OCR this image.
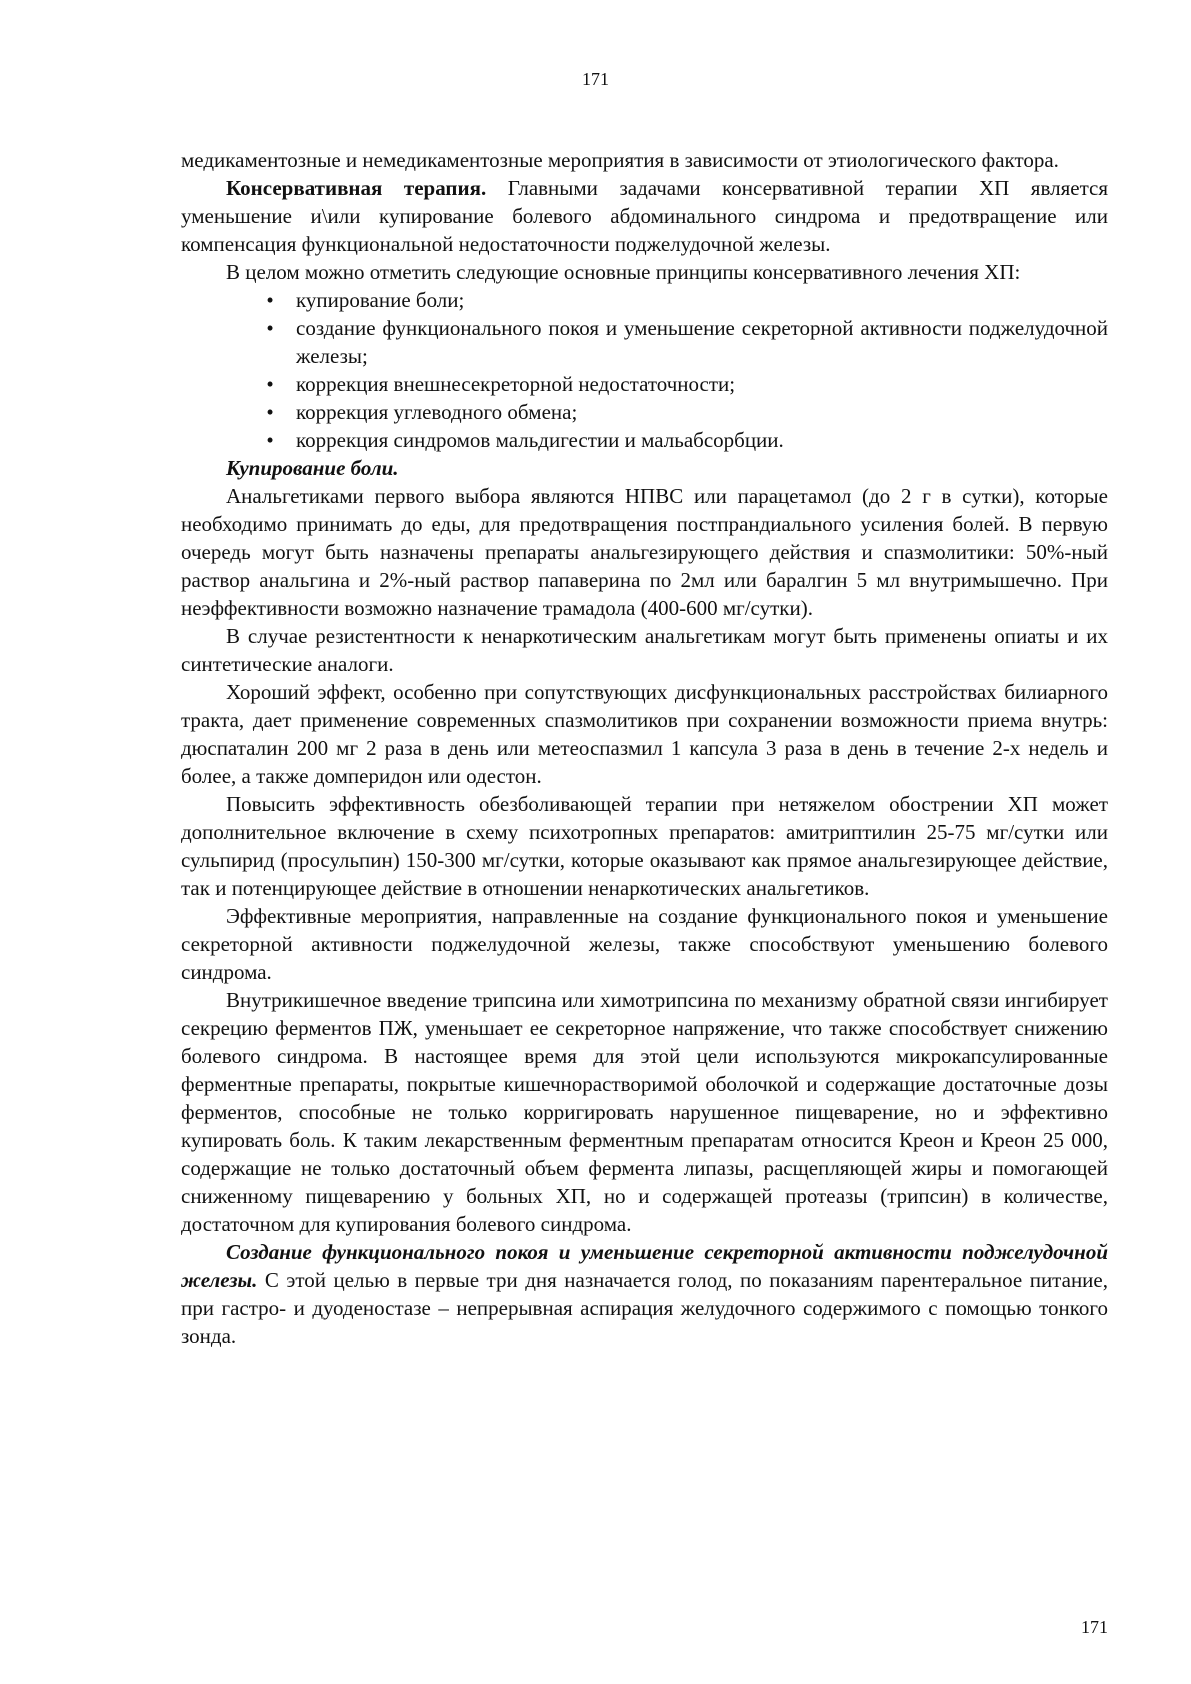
171

медикаментозные и немедикаментозные мероприятия в зависимости от этиологического фактора.

Консервативная терапия. Главными задачами консервативной терапии ХП является уменьшение и\или купирование болевого абдоминального синдрома и предотвращение или компенсация функциональной недостаточности поджелудочной железы.

В целом можно отметить следующие основные принципы консервативного лечения ХП:

•	купирование боли;
•	создание функционального покоя и уменьшение секреторной активности поджелудочной железы;
•	коррекция внешнесекреторной недостаточности;
•	коррекция углеводного обмена;
•	коррекция синдромов мальдигестии и мальабсорбции.

Купирование боли.

Анальгетиками первого выбора являются НПВС или парацетамол (до 2 г в сутки), которые необходимо принимать до еды, для предотвращения постпрандиального усиления болей. В первую очередь могут быть назначены препараты анальгезирующего действия и спазмолитики: 50%-ный раствор анальгина и 2%-ный раствор папаверина по 2мл или баралгин 5 мл внутримышечно. При неэффективности возможно назначение трамадола (400-600 мг/сутки).

В случае резистентности к ненаркотическим анальгетикам могут быть применены опиаты и их синтетические аналоги.

Хороший эффект, особенно при сопутствующих дисфункциональных расстройствах билиарного тракта, дает применение современных спазмолитиков при сохранении возможности приема внутрь: дюспаталин 200 мг 2 раза в день или метеоспазмил 1 капсула 3 раза в день в течение 2-х недель и более, а также домперидон или одестон.

Повысить эффективность обезболивающей терапии при нетяжелом обострении ХП может дополнительное включение в схему психотропных препаратов: амитриптилин 25-75 мг/сутки или сульпирид (просульпин) 150-300 мг/сутки, которые оказывают как прямое анальгезирующее действие, так и потенцирующее действие в отношении ненаркотических анальгетиков.

Эффективные мероприятия, направленные на создание функционального покоя и уменьшение секреторной активности поджелудочной железы, также способствуют уменьшению болевого синдрома.

Внутрикишечное введение трипсина или химотрипсина по механизму обратной связи ингибирует секрецию ферментов ПЖ, уменьшает ее секреторное напряжение, что также способствует снижению болевого синдрома. В настоящее время для этой цели используются микрокапсулированные ферментные препараты, покрытые кишечнорастворимой оболочкой и содержащие достаточные дозы ферментов, способные не только корригировать нарушенное пищеварение, но и эффективно купировать боль. К таким лекарственным ферментным препаратам относится Креон и Креон 25 000, содержащие не только достаточный объем фермента липазы, расщепляющей жиры и помогающей сниженному пищеварению у больных ХП, но и содержащей протеазы (трипсин) в количестве, достаточном для купирования болевого синдрома.

Создание функционального покоя и уменьшение секреторной активности поджелудочной железы. С этой целью в первые три дня назначается голод, по показаниям парентеральное питание, при гастро- и дуоденостазе – непрерывная аспирация желудочного содержимого с помощью тонкого зонда.

171
